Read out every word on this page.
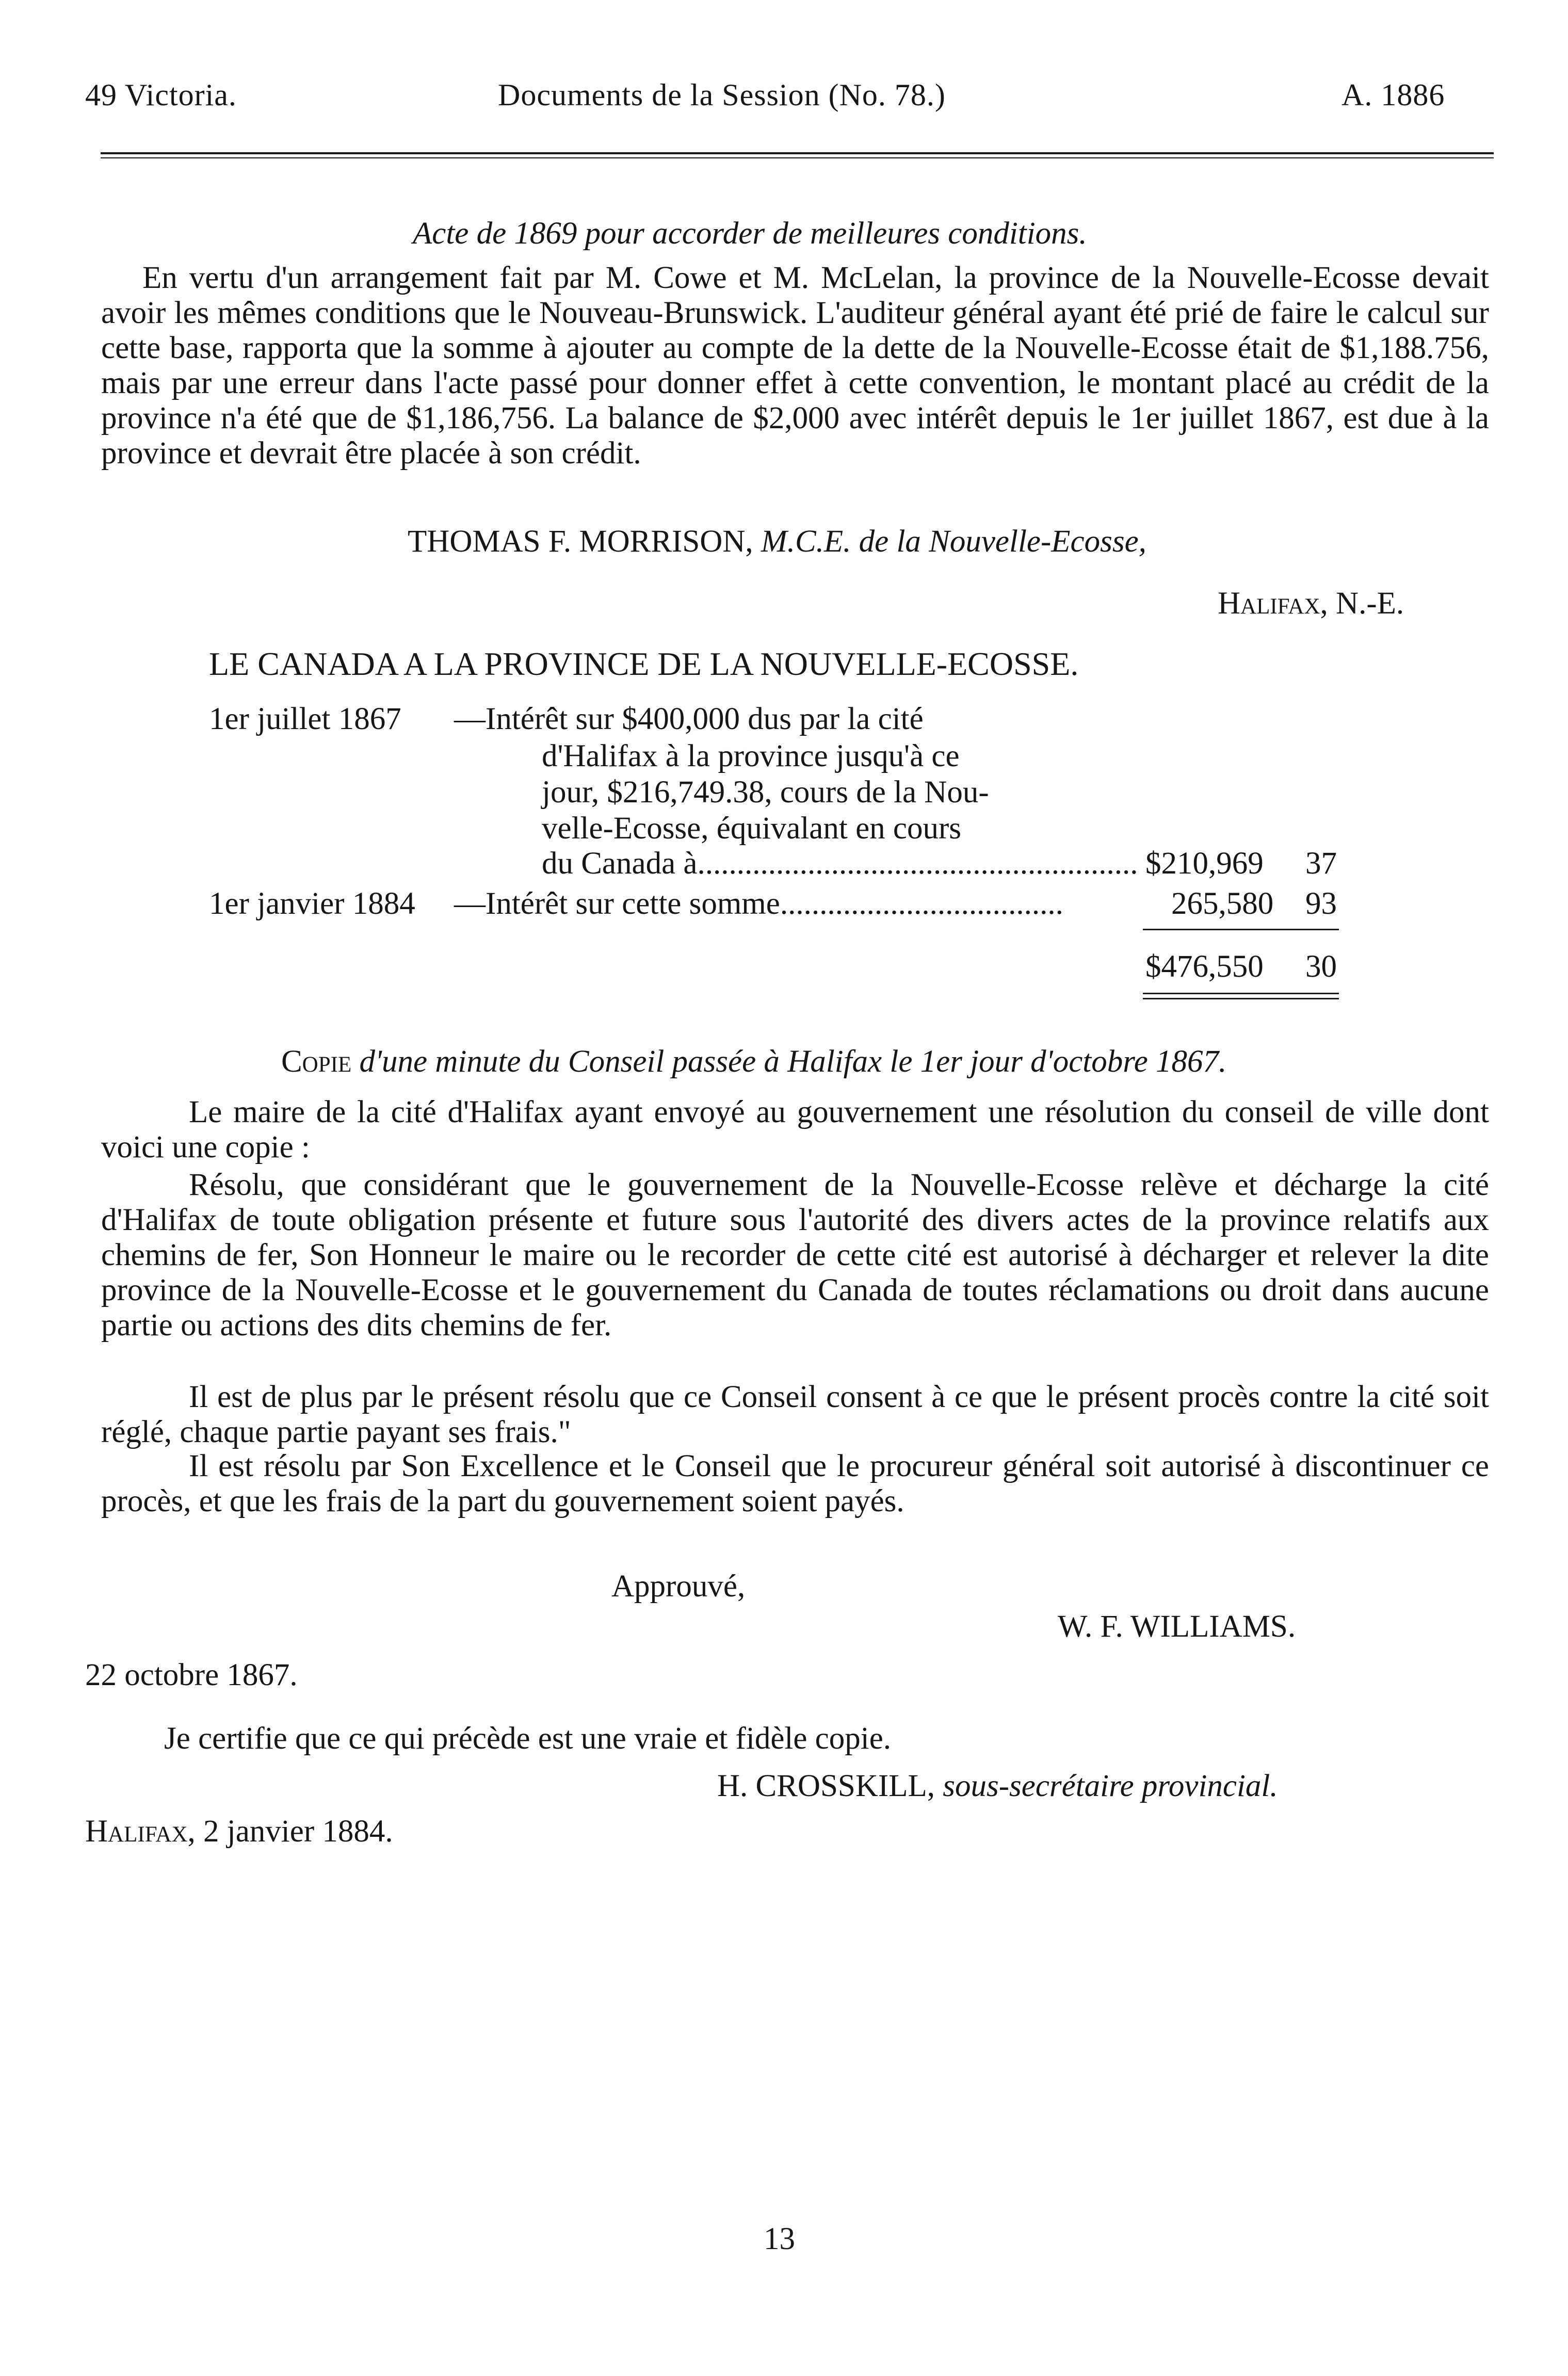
49 Victoria.	Documents de la Session (No. 78.)	A. 1886
Acte de 1869 pour accorder de meilleures conditions.
En vertu d'un arrangement fait par M. Cowe et M. McLelan, la province de la Nouvelle-Ecosse devait avoir les mêmes conditions que le Nouveau-Brunswick. L'auditeur général ayant été prié de faire le calcul sur cette base, rapporta que la somme à ajouter au compte de la dette de la Nouvelle-Ecosse était de $1,188.756, mais par une erreur dans l'acte passé pour donner effet à cette convention, le montant placé au crédit de la province n'a été que de $1,186,756. La balance de $2,000 avec intérêt depuis le 1er juillet 1867, est due à la province et devrait être placée à son crédit.
THOMAS F. MORRISON, M.C.E. de la Nouvelle-Ecosse,
Halifax, N.-E.
LE CANADA A LA PROVINCE DE LA NOUVELLE-ECOSSE.
1er juillet 1867 —Intérêt sur $400,000 dus par la cité
d'Halifax à la province jusqu'à ce
jour, $216,749.38, cours de la Nou-
velle-Ecosse, équivalant en cours
du Canada à........................................................ $210,969 37
1er janvier 1884 —Intérêt sur cette somme....................................	265,580 93
$476,550 30
Copie d'une minute du Conseil passée à Halifax le 1er jour d'octobre 1867.
Le maire de la cité d'Halifax ayant envoyé au gouvernement une résolution du conseil de ville dont voici une copie :
Résolu, que considérant que le gouvernement de la Nouvelle-Ecosse relève et décharge la cité d'Halifax de toute obligation présente et future sous l'autorité des divers actes de la province relatifs aux chemins de fer, Son Honneur le maire ou le recorder de cette cité est autorisé à décharger et relever la dite province de la Nouvelle-Ecosse et le gouvernement du Canada de toutes réclamations ou droit dans aucune partie ou actions des dits chemins de fer.
Il est de plus par le présent résolu que ce Conseil consent à ce que le présent procès contre la cité soit réglé, chaque partie payant ses frais."
Il est résolu par Son Excellence et le Conseil que le procureur général soit autorisé à discontinuer ce procès, et que les frais de la part du gouvernement soient payés.
Approuvé,
W. F. WILLIAMS.
22 octobre 1867.
Je certifie que ce qui précède est une vraie et fidèle copie.
H. CROSSKILL, sous-secrétaire provincial.
Halifax, 2 janvier 1884.
13
